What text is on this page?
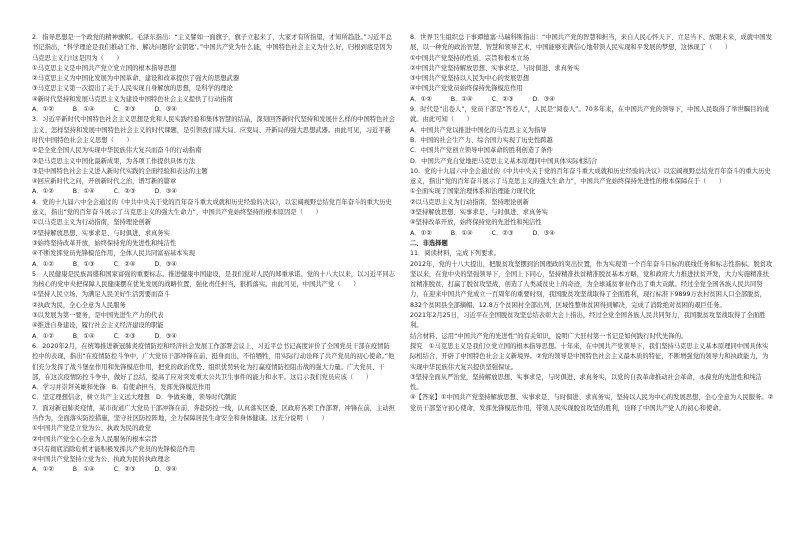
2．指导思想是一个政党的精神旗帜。毛泽东指出：“主义譬如一面旗子，旗子立起来了，大家才有所指望，才知所趋赴。”习近平总书记指出，“科学理论是我们推动工作、解决问题的‘金钥匙’。”中国共产党为什么能，中国特色社会主义为什么好，归根到底是因为马克思主义行!这是因为（　　）

①马克思主义是中国共产党立党立国的根本指导思想

②马克思主义为中国化发展为中国革命、建设和改革提供了强大的思想武器

③马克思主义第一次提出了关于人民实现自身解放的思想，是科学的理论

④新时代坚持和发展马克思主义为建设中国特色社会主义提供了行动指南

A．①②　　　B．①④　　　C．②③　　　D．③④

3．习近平新时代中国特色社会主义思想是党和人民实践经验和集体智慧的结晶，深刻回答新时代坚持和发展什么样的中国特色社会主义、怎样坚持和发展中国特色社会主义的时代课题，是引领我们谋大局、应变局、开新局的强大思想武器。由此可见，习近平新时代中国特色社会主义思想（　　）

①是全党全国人民为实现中华民族伟大复兴而奋斗的行动指南

②是马克思主义中国化最新成果，为各项工作提供具体方法

③是中国特色社会主义进入新时代实践的全面经验和表达的主题

④回应新时代之问，开创新时代之治，谱写新的篇章

A．①②　　　B．①④　　　C．②③　　　D．③④

4．党的十九届六中全会通过的《中共中央关于党的百年奋斗重大成就和历史经验的决议》，以宏阔视野总结党百年奋斗的重大历史意义，指出“党的百年奋斗展示了马克思主义的强大生命力”，中国共产党始终坚持的根本原因是（　　）

①以马克思主义为行动指南，坚持理论创新

②坚持解放思想、实事求是、与时俱进、求真务实

③始终坚持改革开放，始终保持党的先进性和纯洁性

④不断发挥党员先锋模范作用，全体人民共同富裕基本实现

A．①②　　　B．①③　　　C．②④　　　D．③④

5．人民健康是民族昌盛和国家富强的重要标志。推进健康中国建设，是我们党对人民的郑重承诺。党的十八大以来，以习近平同志为核心的党中央把保障人民健康摆在优先发展的战略位置，强化责任担当，狠抓落实。由此可见，中国共产党（　　）

①坚持人民立场，为满足人民美好生活需要而奋斗

②执政为民，全心全意为人民服务

③以发展为第一要务，是中国先进生产力的代表

④推进自身建设，履行社会主义经济建设的职能

A．①②　　　B．①④　　　C．②③　　　D．③④

6．2020年2月，在统筹推进新冠肺炎疫情防控和经济社会发展工作部署会议上，习近平总书记高度评价了全国党员干部在疫情防控中的表现，指出“在疫情防控斗争中，广大党员干部冲锋在前，挺身而出，不怕牺牲，用实际行动诠释了共产党员的初心使命。”他们充分发挥了战斗堡垒作用和先锋模范作用，把党的政治优势、组织优势转化为打赢疫情防控阻击战的强大力量。广大党员、干部，在这次疫情防控斗争中，做好了总结，提高了应对突发重大公共卫生事件的能力和水平。这启示我们党员应该（　　）

A．学习并崇拜英雄和先锋　B．有使命担当，发挥先锋模范作用

C．坚定理想信念，树立共产主义远大理想　D．争做英雄，领导时代潮流

7．面对新冠肺炎疫情，某市街道广大党员干部冲锋在前，奔赴防控一线，认真落实区委、区政府各项工作部署，冲锋在前，主动担当作为，全面落实防控措施，坚守社区防控阵地，全力保障居民生命安全和身体健康。这充分说明（　　）

①中国共产党是立党为公、执政为民的政党

②中国共产党全心全意为人民服务的根本宗旨

③只有彻底消除危机才能积极发挥共产党员的先锋模范作用

④中国共产党坚持立党为公、执政为民的执政理念

A．①②　　　B．①④　　　C．②③　　　D．③④

8．世界卫生组织总干事谭德塞·马瑞科斯指出：“中国共产党的智慧和担当，来自人民心怀天下、立足当下、放眼未来，成就中国发展，以一种党的政治智慧、智慧和领导艺术，中国能够充满信心地带领人民实现和平发展的梦想，这体现了（　　）

①中国共产党坚持的性质、宗旨和根本立场

②中国共产党坚持解放思想、实事求是、与时俱进、求真务实

③中国共产党坚持以人民为中心的发展思想

④中国共产党党员始终保持先锋模范作用

A．①②　　　B．①④　　　C．②③　　　D．③④

9．时代是“出卷人”，党员干部是“答卷人”，人民是“阅卷人”。70多年来，在中国共产党的领导下，中国人民取得了举世瞩目的成就。由此可知（　　）

A．中国共产党以推进中国化的马克思主义为指导

B．中国的社会生产力、综合国力实现了历史性跨越

C．中国共产党创立领导中国革命的胜利创造了条件

D．中国共产党自觉地把马克思主义基本原理同中国具体实际相结合

10．党的十九届六中全会通过的《中共中央关于党的百年奋斗重大成就和历史经验的决议》以宏阔视野总结党百年奋斗的重大历史意义，指出“党的百年奋斗展示了马克思主义的强大生命力”，中国共产党始终保持先进性的根本保障在于（　　）

①全面实现了国家治理体系和治理能力现代化

②以马克思主义为行动指南，坚持理论创新

③坚持解放思想、实事求是、与时俱进、求真务实

④坚持改革开放，始终保持党的先进性和纯洁性

A．①②　　　B．①④　　　C．②③　　　D．③④

二、非选择题

11．阅读材料，完成下列要求。

2012年，党的十八大提出，把脱贫攻坚摆到治国理政的突出位置，作为实现第一个百年奋斗目标的底线任务和标志性指标。脱贫攻坚以来，在党中央的坚强领导下，全国上下同心，坚持精准扶贫精准脱贫基本方略，党和政府大力推进扶贫开发，大力实施精准扶贫精准脱贫，打赢了脱贫攻坚战，创造了人类减贫史上的奇迹，为全球减贫事业作出了重大贡献。经过全党全国各族人民共同努力，在迎来中国共产党成立一百周年的重要时刻，我国脱贫攻坚战取得了全面胜利，现行标准下9899万农村贫困人口全部脱贫，832个贫困县全部摘帽，12.8万个贫困村全部出列，区域性整体贫困得到解决，完成了消除绝对贫困的艰巨任务。

2021年2月25日，习近平在全国脱贫攻坚总结表彰大会上指出，经过全党全国各族人民共同努力，我国脱贫攻坚战取得了全面胜利。

结合材料，运用“中国共产党的先进性”的有关知识，说明广大驻村第一书记是如何践行时代先锋的。

探究　①马克思主义是我们立党立国的根本指导思想。十年来，在中国共产党领导下，我们坚持马克思主义基本原理同中国具体实际相结合，开辟了中国特色社会主义新境界。②党的领导是中国特色社会主义最本质的特征，不断增强党的领导力和执政能力，为实现中华民族伟大复兴提供坚强保证。

③坚持全面从严治党，坚持解放思想、实事求是，与时俱进、求真务实，以党的自我革命推动社会革命，永葆党的先进性和纯洁性。

④【答案】①中国共产党坚持解放思想、实事求是、与时俱进、求真务实，坚持以人民为中心的发展思想，全心全意为人民服务。②党员干部坚守初心使命，发挥先锋模范作用，带领人民实现脱贫攻坚的胜利，诠释了中国共产党人的初心和使命。
